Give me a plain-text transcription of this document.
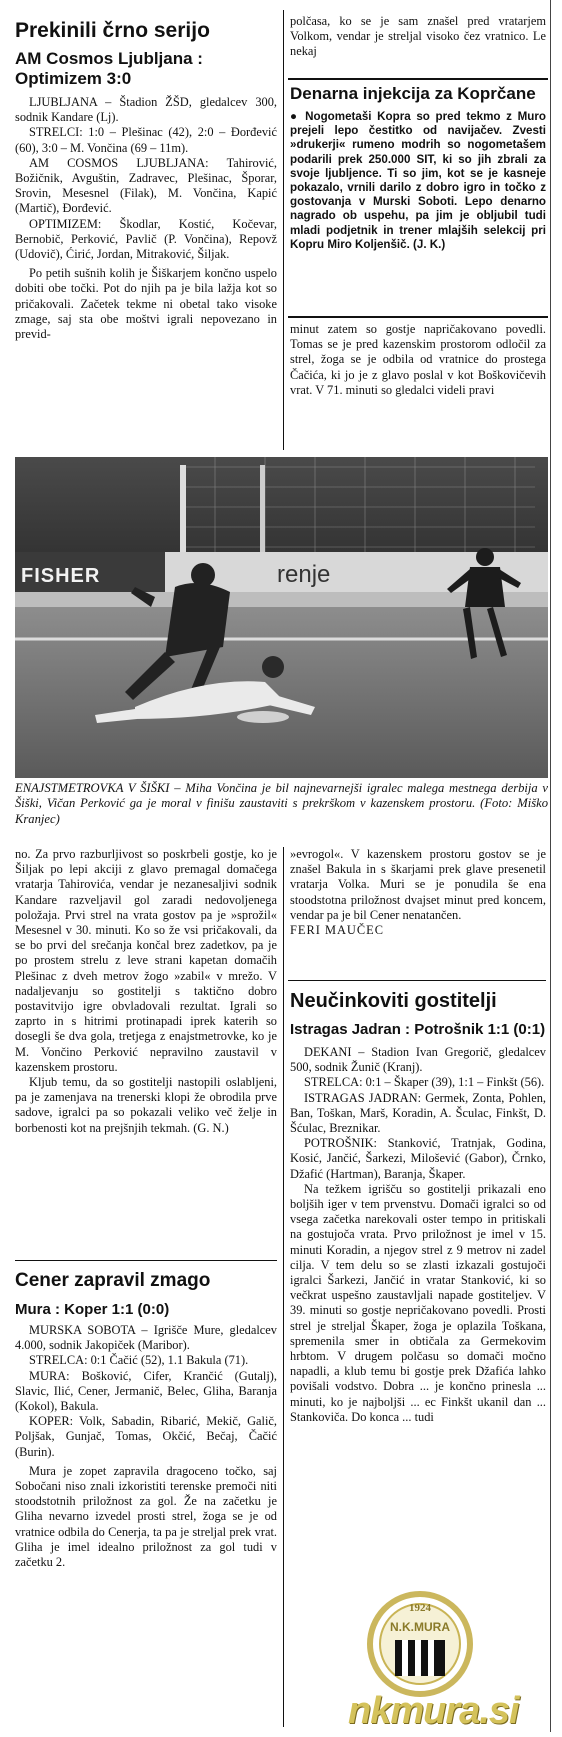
Prekinili črno serijo
AM Cosmos Ljubljana : Optimizem 3:0

LJUBLJANA – Štadion ŽŠD, gledalcev 300, sodnik Kandare (Lj).

STRELCI: 1:0 – Plešinac (42), 2:0 – Đorđević (60), 3:0 – M. Vončina (69 – 11m).

AM COSMOS LJUBLJANA: Tahirović, Božičnik, Avguštin, Zadravec, Plešinac, Šporar, Srovin, Mesesnel (Filak), M. Vončina, Kapić (Martič), Đorđević.

OPTIMIZEM: Škodlar, Kostić, Kočevar, Bernobič, Perković, Pavlič (P. Vončina), Repovž (Udovič), Ćirić, Jordan, Mitraković, Šiljak.

Po petih sušnih kolih je Šiškarjem končno uspelo dobiti obe točki. Pot do njih pa je bila lažja kot so pričakovali. Začetek tekme ni obetal tako visoke zmage, saj sta obe moštvi igrali nepovezano in previd-

polčasa, ko se je sam znašel pred vratarjem Volkom, vendar je streljal visoko čez vratnico. Le nekaj

Denarna injekcija za Koprčane

● Nogometaši Kopra so pred tekmo z Muro prejeli lepo čestitko od navijačev. Zvesti »drukerji« rumeno modrih so nogometašem podarili prek 250.000 SIT, ki so jih zbrali za svoje ljubljence. Ti so jim, kot se je kasneje pokazalo, vrnili darilo z dobro igro in točko z gostovanja v Murski Soboti. Lepo denarno nagrado ob uspehu, pa jim je obljubil tudi mladi podjetnik in trener mlajših selekcij pri Kopru Miro Koljenšič. (J. K.)

minut zatem so gostje napričakovano povedli. Tomas se je pred kazenskim prostorom odločil za strel, žoga se je odbila od vratnice do prostega Čačića, ki jo je z glavo poslal v kot Boškovičevih vrat. V 71. minuti so gledalci videli pravi

FISHER	renje
ENAJSTMETROVKA V ŠIŠKI – Miha Vončina je bil najnevarnejši igralec malega mestnega derbija v Šiški, Vičan Perković ga je moral v finišu zaustaviti s prekrškom v kazenskem prostoru. (Foto: Miško Kranjec)

no. Za prvo razburljivost so poskrbeli gostje, ko je Šiljak po lepi akciji z glavo premagal domačega vratarja Tahirovića, vendar je nezanesaljivi sodnik Kandare razveljavil gol zaradi nedovoljenega položaja. Prvi strel na vrata gostov pa je »sprožil« Mesesnel v 30. minuti. Ko so že vsi pričakovali, da se bo prvi del srečanja končal brez zadetkov, pa je po prostem strelu z leve strani kapetan domačih Plešinac z dveh metrov žogo »zabil« v mrežo. V nadaljevanju so gostitelji s taktično dobro postavitvijo igre obvladovali rezultat. Igrali so zaprto in s hitrimi protinapadi iprek katerih so dosegli še dva gola, tretjega z enajstmetrovke, ko je M. Vončino Perković nepravilno zaustavil v kazenskem prostoru.

Kljub temu, da so gostitelji nastopili oslabljeni, pa je zamenjava na trenerski klopi že obrodila prve sadove, igralci pa so pokazali veliko več želje in borbenosti kot na prejšnjih tekmah. (G. N.)

»evrogol«. V kazenskem prostoru gostov se je znašel Bakula in s škarjami prek glave presenetil vratarja Volka. Muri se je ponudila še ena stoodstotna priložnost dvajset minut pred koncem, vendar pa je bil Cener nenatančen.

FERI MAUČEC

Cener zapravil zmago
Mura : Koper 1:1 (0:0)

MURSKA SOBOTA – Igrišče Mure, gledalcev 4.000, sodnik Jakopiček (Maribor).

STRELCA: 0:1 Čačić (52), 1.1 Bakula (71).

MURA: Bošković, Cifer, Krančić (Gutalj), Slavic, Ilić, Cener, Jermanič, Belec, Gliha, Baranja (Kokol), Bakula.

KOPER: Volk, Sabadin, Ribarić, Mekič, Galič, Poljšak, Gunjač, Tomas, Okčić, Bečaj, Čačić (Burin).

Mura je zopet zapravila dragoceno točko, saj Sobočani niso znali izkoristiti terenske premoči niti stoodstotnih priložnost za gol. Že na začetku je Gliha nevarno izvedel prosti strel, žoga se je od vratnice odbila do Cenerja, ta pa je streljal prek vrat. Gliha je imel idealno priložnost za gol tudi v začetku 2.

Neučinkoviti gostitelji
Istragas Jadran : Potrošnik 1:1 (0:1)

DEKANI – Stadion Ivan Gregorič, gledalcev 500, sodnik Žunič (Kranj).

STRELCA: 0:1 – Škaper (39), 1:1 – Finkšt (56).

ISTRAGAS JADRAN: Germek, Zonta, Pohlen, Ban, Toškan, Marš, Koradin, A. Šculac, Finkšt, D. Šćulac, Breznikar.

POTROŠNIK: Stanković, Tratnjak, Godina, Kosić, Jančić, Šarkezi, Milošević (Gabor), Črnko, Džafić (Hartman), Baranja, Škaper.

Na težkem igrišču so gostitelji prikazali eno boljših iger v tem prvenstvu. Domači igralci so od vsega začetka narekovali oster tempo in pritiskali na gostujoča vrata. Prvo priložnost je imel v 15. minuti Koradin, a njegov strel z 9 metrov ni zadel cilja. V tem delu so se zlasti izkazali gostujoči igralci Šarkezi, Jančić in vratar Stanković, ki so večkrat uspešno zaustavljali napade gostiteljev. V 39. minuti so gostje nepričakovano povedli. Prosti strel je streljal Škaper, žoga je oplazila Toškana, spremenila smer in obtičala za Germekovim hrbtom. V drugem polčasu so domači močno napadli, a klub temu bi gostje prek Džafića lahko povišali vodstvo. Dobra ... je končno prinesla ... minuti, ko je najboljši ... ec Finkšt ukanil dan ... Stankoviča. Do konca ... tudi

1924
N.K.MURA
nkmura.si
